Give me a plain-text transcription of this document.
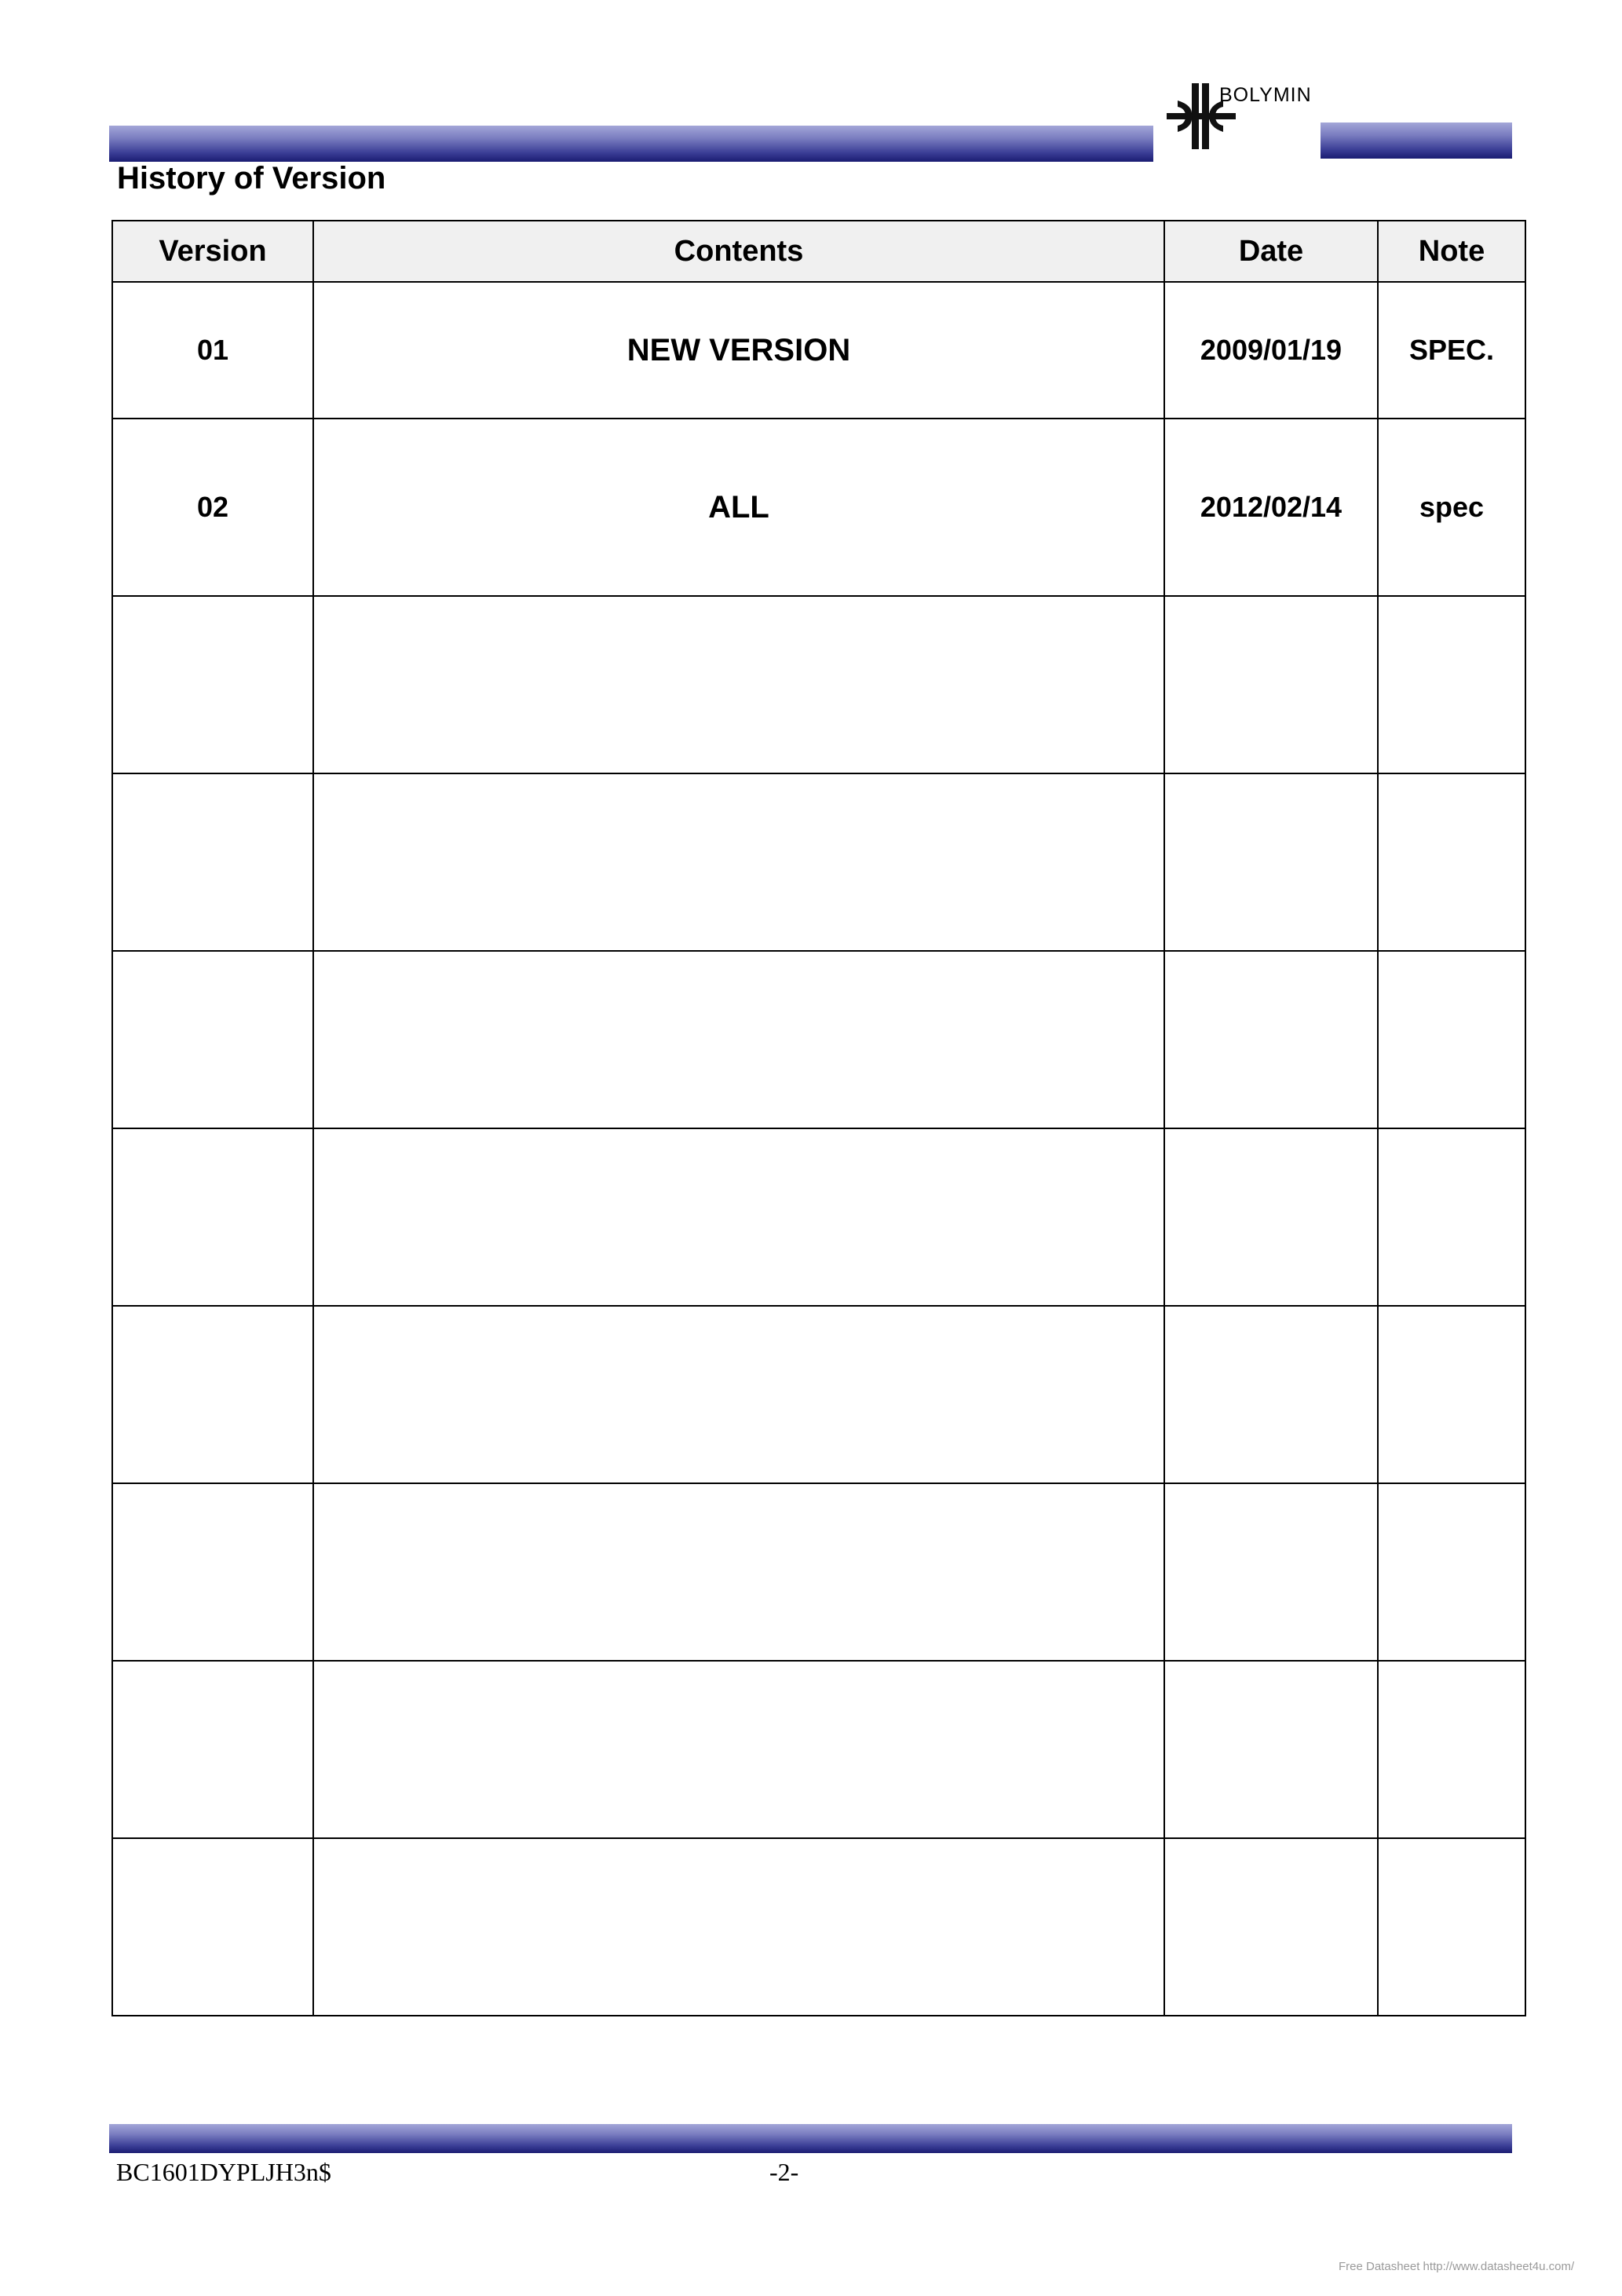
BOLYMIN
History of Version
Version	Contents	Date	Note
01	NEW VERSION	2009/01/19	SPEC.
02	ALL	2012/02/14	spec

BC1601DYPLJH3n$	-2-
Free Datasheet http://www.datasheet4u.com/
